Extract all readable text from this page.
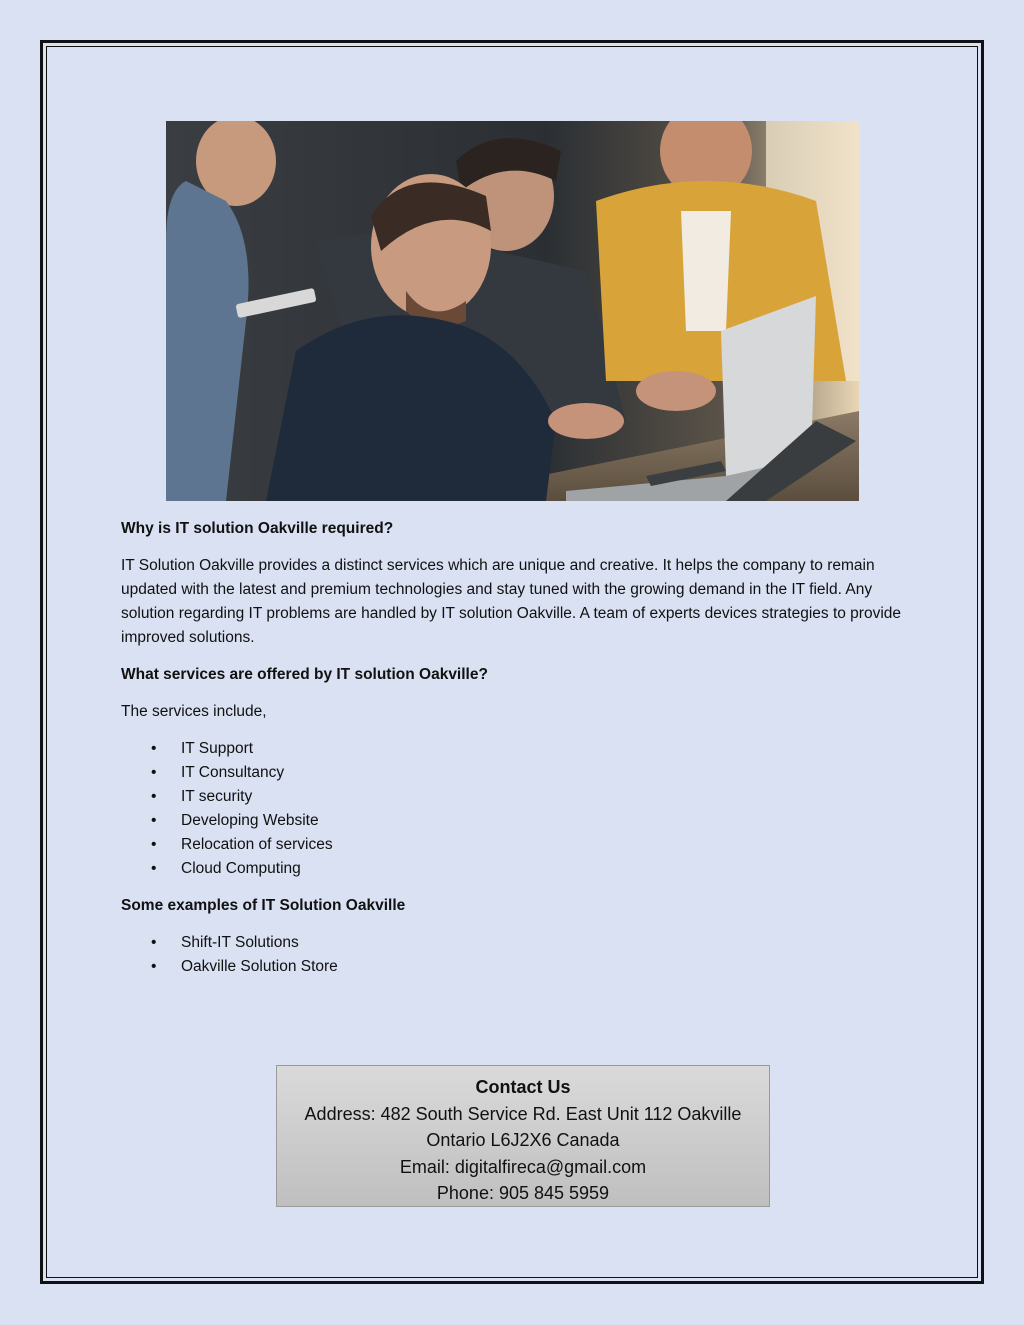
Why is IT solution Oakville required?
IT Solution Oakville provides a distinct services which are unique and creative. It helps the company to remain updated with the latest and premium technologies and stay tuned with the growing demand in the IT field. Any solution regarding IT problems are handled by IT solution Oakville. A team of experts devices strategies to provide improved solutions.
What services are offered by IT solution Oakville?
The services include,
• IT Support
• IT Consultancy
• IT security
• Developing Website
• Relocation of services
• Cloud Computing
Some examples of IT Solution Oakville
• Shift-IT Solutions
• Oakville Solution Store
Contact Us
Address: 482 South Service Rd. East Unit 112 Oakville
Ontario L6J2X6 Canada
Email: digitalfireca@gmail.com
Phone: 905 845 5959
